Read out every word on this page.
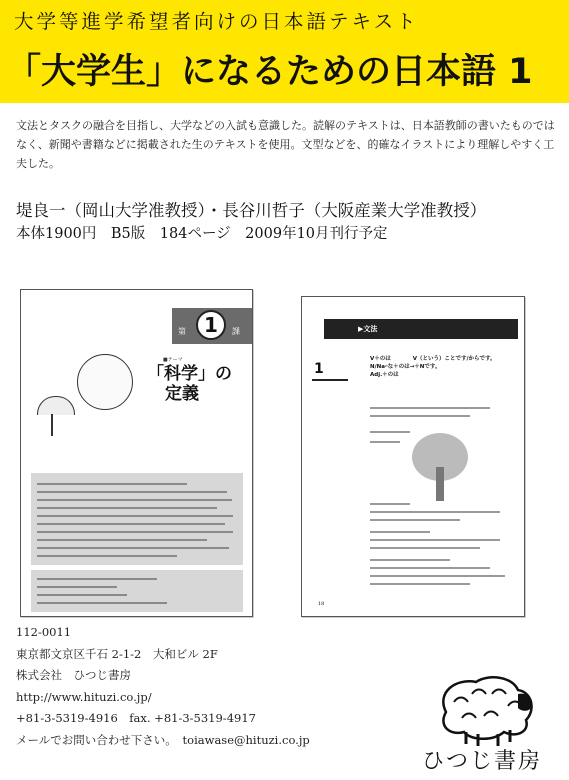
大学等進学希望者向けの日本語テキスト
「大学生」になるための日本語 1
文法とタスクの融合を目指し、大学などの入試も意識した。読解のテキストは、日本語教師の書いたものではなく、新聞や書籍などに掲載された生のテキストを使用。文型などを、的確なイラストにより理解しやすく工夫した。
堤良一（岡山大学准教授）・長谷川哲子（大阪産業大学准教授）
本体1900円　B5版　184ページ　2009年10月刊行予定
第 1	課
■テーマ
「科学」の
定義
▶文法
1
V＋のは　　　　V（という）ことです/からです。
N/Naｰな＋のは→＋Nです。
Adj.＋のは
18
112-0011
東京都文京区千石 2-1-2　大和ビル 2F
株式会社　ひつじ書房
http://www.hituzi.co.jp/
+81-3-5319-4916　fax. +81-3-5319-4917
メールでお問い合わせ下さい。　toiawase@hituzi.co.jp
ひつじ書房
